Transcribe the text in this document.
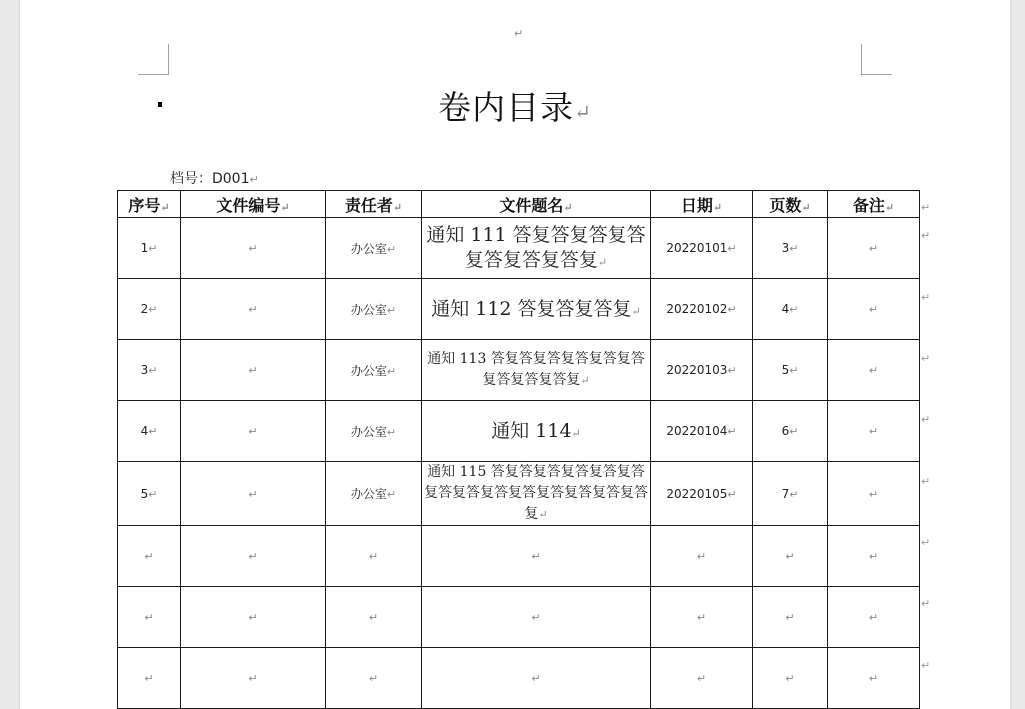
↵
卷内目录↵
档号：D001↵
序号↵	文件编号↵	责任者↵	文件题名↵	日期↵	页数↵	备注↵
1↵	↵	办公室↵	通知 111 答复答复答复答复答复答复答复↵	20220101↵	3↵	↵
2↵	↵	办公室↵	通知 112 答复答复答复↵	20220102↵	4↵	↵
3↵	↵	办公室↵	通知 113 答复答复答复答复答复答复答复答复答复↵	20220103↵	5↵	↵
4↵	↵	办公室↵	通知 114↵	20220104↵	6↵	↵
5↵	↵	办公室↵	通知 115 答复答复答复答复答复答复答复答复答复答复答复答复答复答复↵	20220105↵	7↵	↵
↵	↵	↵	↵	↵	↵	↵
↵	↵	↵	↵	↵	↵	↵
↵	↵	↵	↵	↵	↵	↵
↵
↵
↵
↵
↵
↵
↵
↵
↵
